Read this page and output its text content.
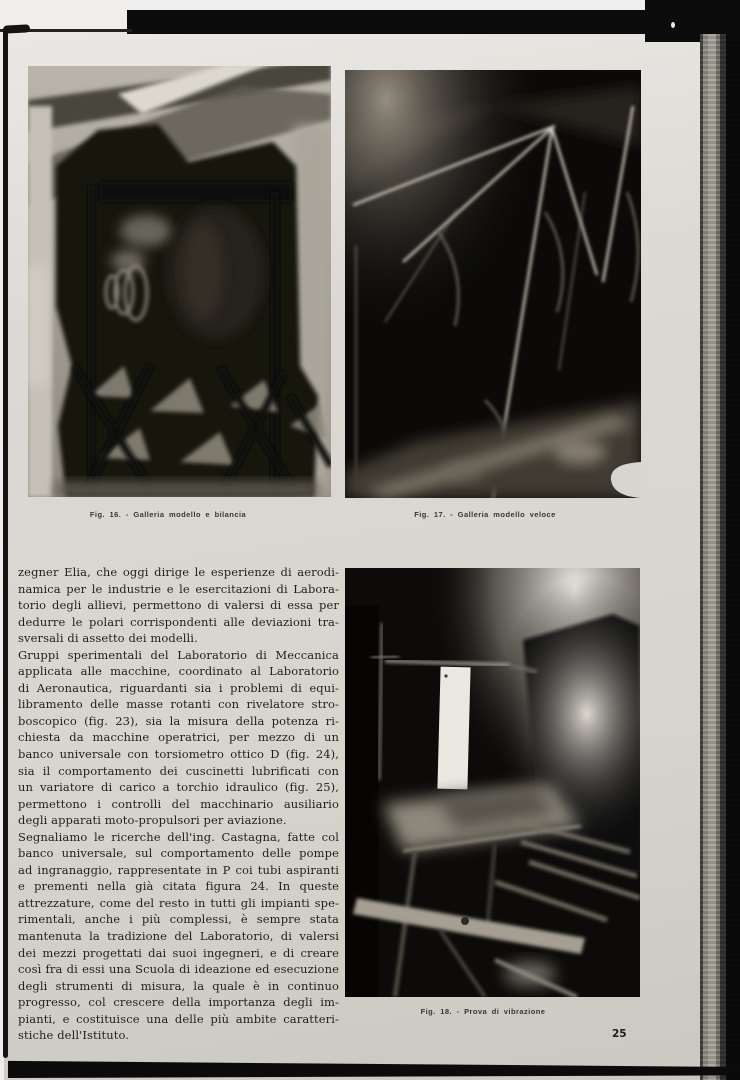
Fig. 16. - Galleria modello e bilancia	Fig. 17. - Galleria modello veloce
Fig. 18. - Prova di vibrazione
zegner Elia, che oggi dirige le esperienze di aerodi-
namica per le industrie e le esercitazioni di Labora-
torio degli allievi, permettono di valersi di essa per
dedurre le polari corrispondenti alle deviazioni tra-
sversali di assetto dei modelli.
Gruppi sperimentali del Laboratorio di Meccanica
applicata alle macchine, coordinato al Laboratorio
di Aeronautica, riguardanti sia i problemi di equi-
libramento delle masse rotanti con rivelatore stro-
boscopico (fig. 23), sia la misura della potenza ri-
chiesta da macchine operatrici, per mezzo di un
banco universale con torsiometro ottico D (fig. 24),
sia il comportamento dei cuscinetti lubrificati con
un variatore di carico a torchio idraulico (fig. 25),
permettono i controlli del macchinario ausiliario
degli apparati moto-propulsori per aviazione.
Segnaliamo le ricerche dell'ing. Castagna, fatte col
banco universale, sul comportamento delle pompe
ad ingranaggio, rappresentate in P coi tubi aspiranti
e prementi nella già citata figura 24. In queste
attrezzature, come del resto in tutti gli impianti spe-
rimentali, anche i più complessi, è sempre stata
mantenuta la tradizione del Laboratorio, di valersi
dei mezzi progettati dai suoi ingegneri, e di creare
così fra di essi una Scuola di ideazione ed esecuzione
degli strumenti di misura, la quale è in continuo
progresso, col crescere della importanza degli im-
pianti, e costituisce una delle più ambite caratteri-
stiche dell'Istituto.	25
